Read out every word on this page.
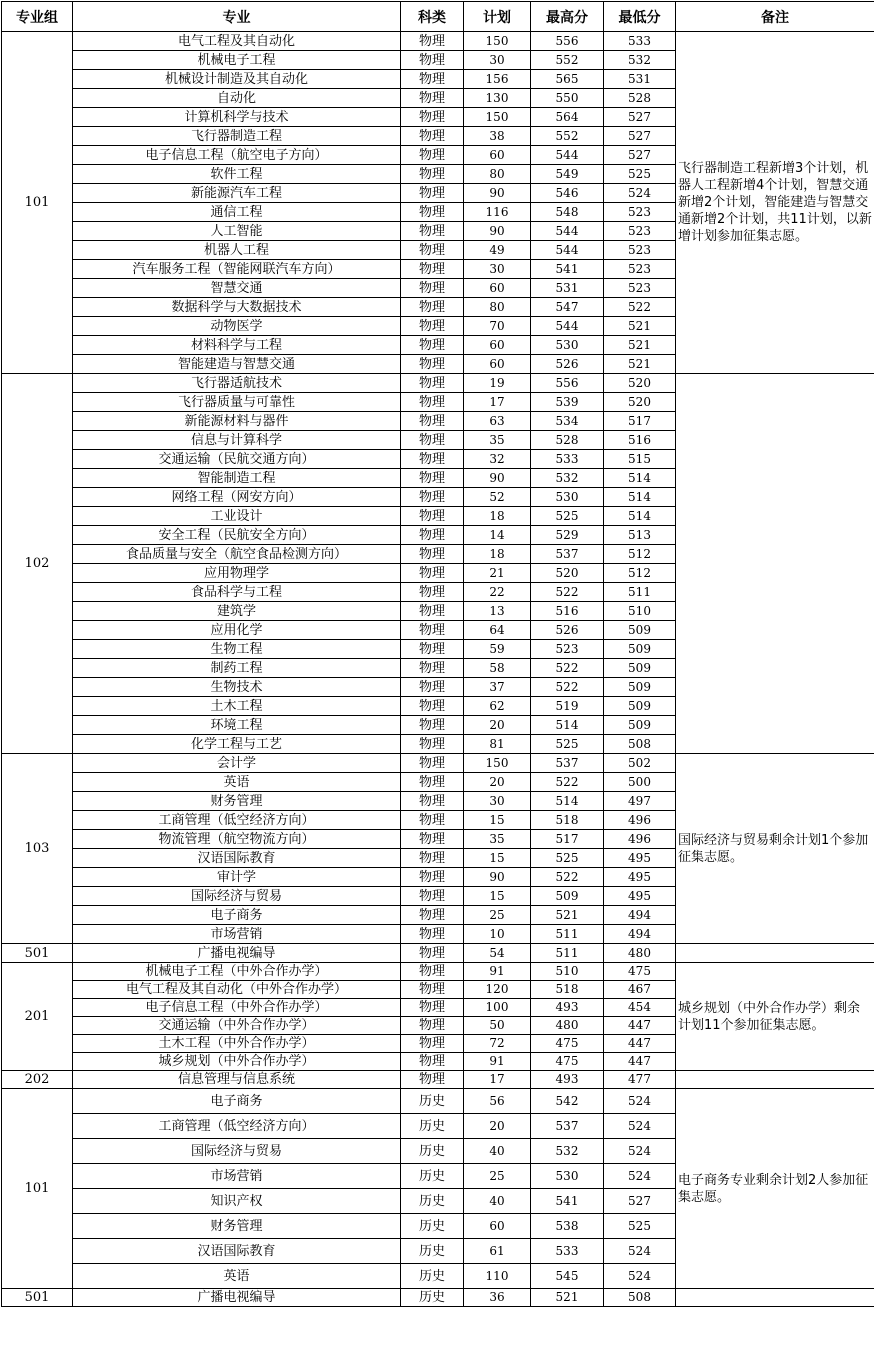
专业组	专业	科类	计划	最高分	最低分	备注
101	电气工程及其自动化	物理	150	556	533	飞行器制造工程新增3个计划，机器人工程新增4个计划，智慧交通新增2个计划，智能建造与智慧交通新增2个计划，共11计划，以新增计划参加征集志愿。
	机械电子工程	物理	30	552	532	
	机械设计制造及其自动化	物理	156	565	531	
	自动化	物理	130	550	528	
	计算机科学与技术	物理	150	564	527	
	飞行器制造工程	物理	38	552	527	
	电子信息工程（航空电子方向）	物理	60	544	527	
	软件工程	物理	80	549	525	
	新能源汽车工程	物理	90	546	524	
	通信工程	物理	116	548	523	
	人工智能	物理	90	544	523	
	机器人工程	物理	49	544	523	
	汽车服务工程（智能网联汽车方向）	物理	30	541	523	
	智慧交通	物理	60	531	523	
	数据科学与大数据技术	物理	80	547	522	
	动物医学	物理	70	544	521	
	材料科学与工程	物理	60	530	521	
	智能建造与智慧交通	物理	60	526	521	
102	飞行器适航技术	物理	19	556	520	
	飞行器质量与可靠性	物理	17	539	520	
	新能源材料与器件	物理	63	534	517	
	信息与计算科学	物理	35	528	516	
	交通运输（民航交通方向）	物理	32	533	515	
	智能制造工程	物理	90	532	514	
	网络工程（网安方向）	物理	52	530	514	
	工业设计	物理	18	525	514	
	安全工程（民航安全方向）	物理	14	529	513	
	食品质量与安全（航空食品检测方向）	物理	18	537	512	
	应用物理学	物理	21	520	512	
	食品科学与工程	物理	22	522	511	
	建筑学	物理	13	516	510	
	应用化学	物理	64	526	509	
	生物工程	物理	59	523	509	
	制药工程	物理	58	522	509	
	生物技术	物理	37	522	509	
	土木工程	物理	62	519	509	
	环境工程	物理	20	514	509	
	化学工程与工艺	物理	81	525	508	
103	会计学	物理	150	537	502	国际经济与贸易剩余计划1个参加征集志愿。
	英语	物理	20	522	500	
	财务管理	物理	30	514	497	
	工商管理（低空经济方向）	物理	15	518	496	
	物流管理（航空物流方向）	物理	35	517	496	
	汉语国际教育	物理	15	525	495	
	审计学	物理	90	522	495	
	国际经济与贸易	物理	15	509	495	
	电子商务	物理	25	521	494	
	市场营销	物理	10	511	494	
501	广播电视编导	物理	54	511	480	
201	机械电子工程（中外合作办学）	物理	91	510	475	城乡规划（中外合作办学）剩余计划11个参加征集志愿。
	电气工程及其自动化（中外合作办学）	物理	120	518	467	
	电子信息工程（中外合作办学）	物理	100	493	454	
	交通运输（中外合作办学）	物理	50	480	447	
	土木工程（中外合作办学）	物理	72	475	447	
	城乡规划（中外合作办学）	物理	91	475	447	
202	信息管理与信息系统	物理	17	493	477	
101	电子商务	历史	56	542	524	电子商务专业剩余计划2人参加征集志愿。
	工商管理（低空经济方向）	历史	20	537	524	
	国际经济与贸易	历史	40	532	524	
	市场营销	历史	25	530	524	
	知识产权	历史	40	541	527	
	财务管理	历史	60	538	525	
	汉语国际教育	历史	61	533	524	
	英语	历史	110	545	524	
501	广播电视编导	历史	36	521	508	
